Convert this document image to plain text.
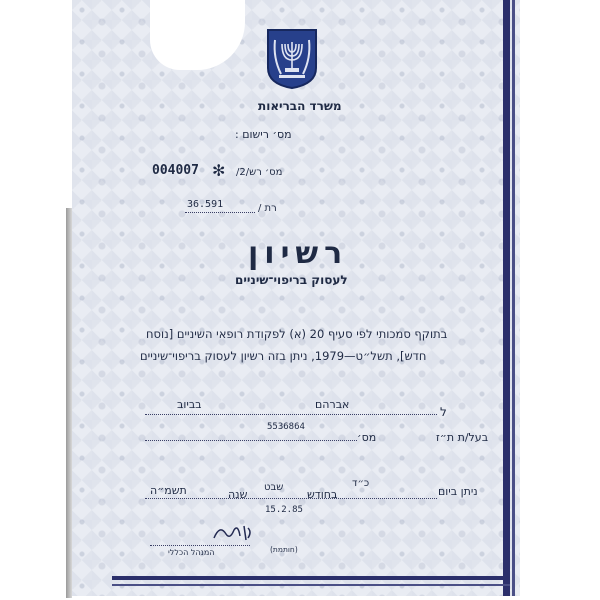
משרד הבריאות
מס׳ רישום :
מס׳ רש/2/
✻
004007
רת /
36.591
רשיון
לעסוק בריפוי־שיניים
בתוקף סמכותי לפי סעיף 20 (א) לפקודת רופאי השיניים [נוסח
חדש], תשל״ט—1979, ניתן בזה רשיון לעסוק בריפוי־שיניים
ל
אברהם
בביוב
בעל/ת ת״ז
מס׳
5536864
ניתן ביום
כ״ד
בחודש
שבט
שנה
תשמ״ה
15.2.85
(חותמת)
המנהל הכללי
